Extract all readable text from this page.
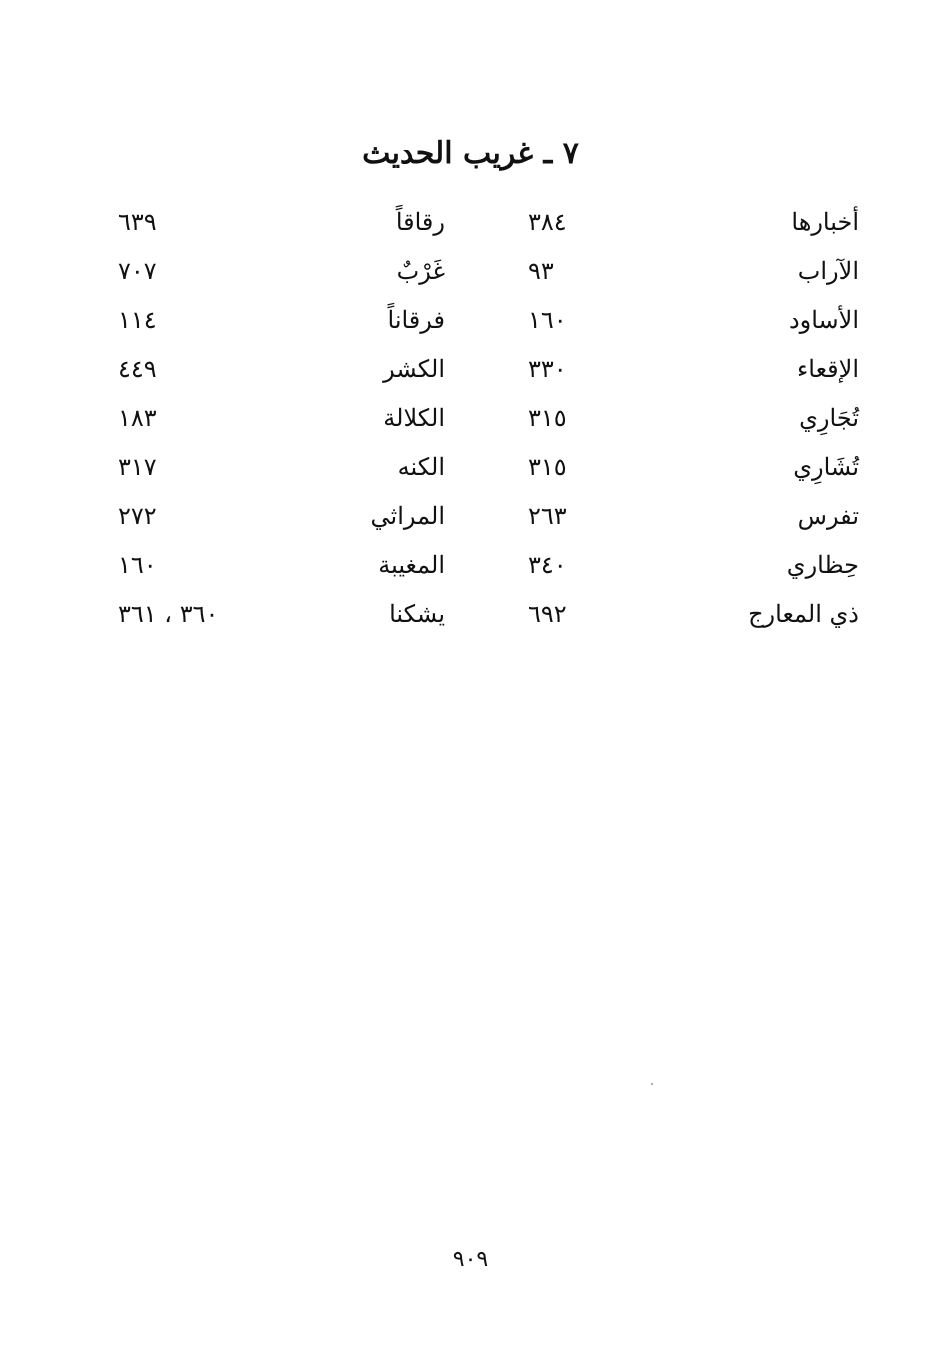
٧ ـ غريب الحديث
أخبارها
٣٨٤
رقاقاً
٦٣٩
الآراب
٩٣
غَرْبٌ
٧٠٧
الأساود
١٦٠
فرقاناً
١١٤
الإقعاء
٣٣٠
الكشر
٤٤٩
تُجَارِي
٣١٥
الكلالة
١٨٣
تُشَارِي
٣١٥
الكنه
٣١٧
تفرس
٢٦٣
المراثي
٢٧٢
حِظاري
٣٤٠
المغيبة
١٦٠
ذي المعارج
٦٩٢
يشكنا
٣٦٠ ، ٣٦١
٩٠٩
